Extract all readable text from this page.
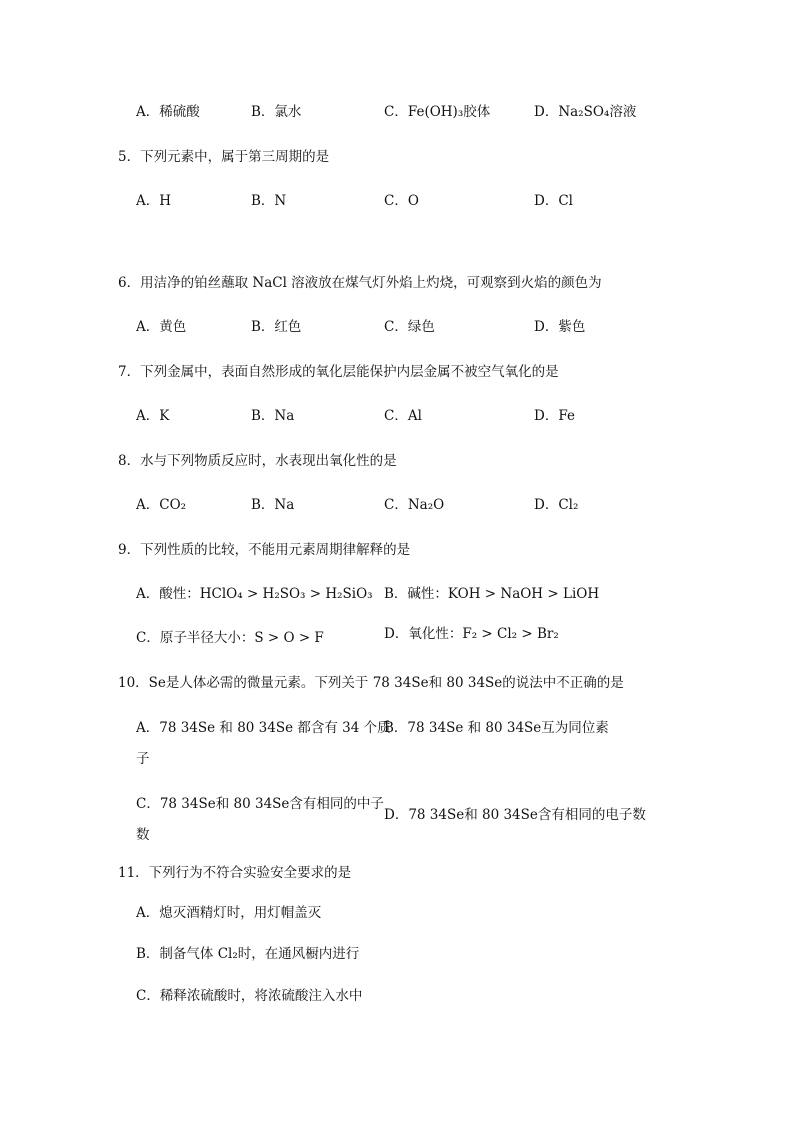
A．稀硫酸	B．氯水	C．Fe(OH)₃胶体	D．Na₂SO₄溶液
5．下列元素中，属于第三周期的是
A．H	B．N	C．O	D．Cl
6．用洁净的铂丝蘸取 NaCl 溶液放在煤气灯外焰上灼烧，可观察到火焰的颜色为
A．黄色	B．红色	C．绿色	D．紫色
7．下列金属中，表面自然形成的氧化层能保护内层金属不被空气氧化的是
A．K	B．Na	C．Al	D．Fe
8．水与下列物质反应时，水表现出氧化性的是
A．CO₂	B．Na	C．Na₂O	D．Cl₂
9．下列性质的比较，不能用元素周期律解释的是
A．酸性：HClO₄ > H₂SO₃ > H₂SiO₃ B．碱性：KOH > NaOH > LiOH
C．原子半径大小：S > O > F	D．氧化性：F₂ > Cl₂ > Br₂
10．Se是人体必需的微量元素。下列关于 78 34Se和 80 34Se的说法中不正确的是
A．78 34Se 和 80 34Se 都含有 34 个质
子
B．78 34Se 和 80 34Se互为同位素
C．78 34Se和 80 34Se含有相同的中子
数
D．78 34Se和 80 34Se含有相同的电子数
11．下列行为不符合实验安全要求的是
A．熄灭酒精灯时，用灯帽盖灭
B．制备气体 Cl₂时，在通风橱内进行
C．稀释浓硫酸时，将浓硫酸注入水中
